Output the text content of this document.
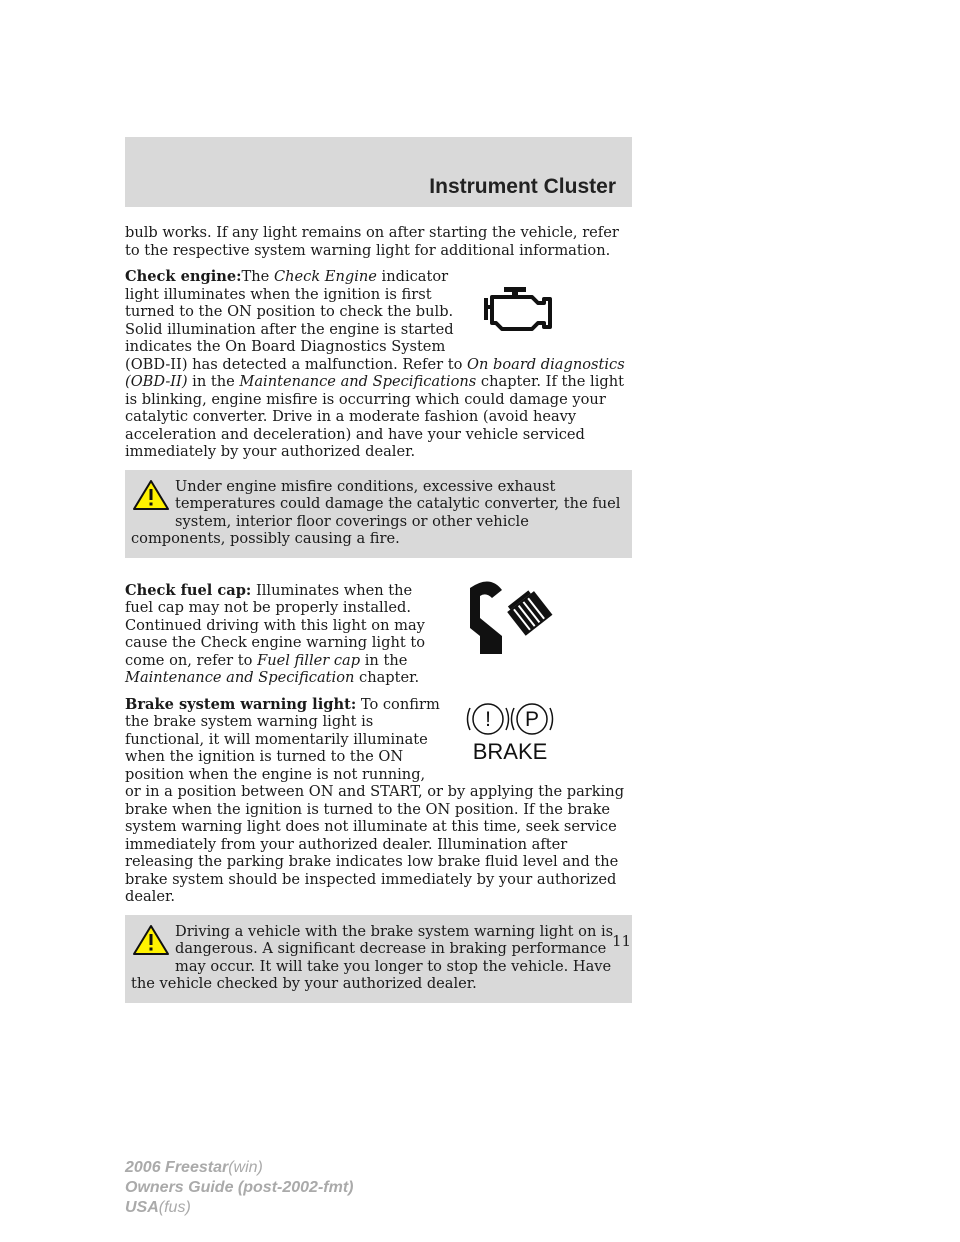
Instrument Cluster

bulb works. If any light remains on after starting the vehicle, refer to the respective system warning light for additional information.

Check engine:The Check Engine indicator light illuminates when the ignition is first turned to the ON position to check the bulb. Solid illumination after the engine is started indicates the On Board Diagnostics System (OBD-II) has detected a malfunction. Refer to On board diagnostics (OBD-II) in the Maintenance and Specifications chapter. If the light is blinking, engine misfire is occurring which could damage your catalytic converter. Drive in a moderate fashion (avoid heavy acceleration and deceleration) and have your vehicle serviced immediately by your authorized dealer.

Under engine misfire conditions, excessive exhaust temperatures could damage the catalytic converter, the fuel system, interior floor coverings or other vehicle components, possibly causing a fire.

Check fuel cap: Illuminates when the fuel cap may not be properly installed. Continued driving with this light on may cause the Check engine warning light to come on, refer to Fuel filler cap in the Maintenance and Specification chapter.

! P
BRAKE

Brake system warning light: To confirm the brake system warning light is functional, it will momentarily illuminate when the ignition is turned to the ON position when the engine is not running, or in a position between ON and START, or by applying the parking brake when the ignition is turned to the ON position. If the brake system warning light does not illuminate at this time, seek service immediately from your authorized dealer. Illumination after releasing the parking brake indicates low brake fluid level and the brake system should be inspected immediately by your authorized dealer.

Driving a vehicle with the brake system warning light on is dangerous. A significant decrease in braking performance may occur. It will take you longer to stop the vehicle. Have the vehicle checked by your authorized dealer.

11
2006 Freestar(win)
Owners Guide (post-2002-fmt)
USA(fus)
